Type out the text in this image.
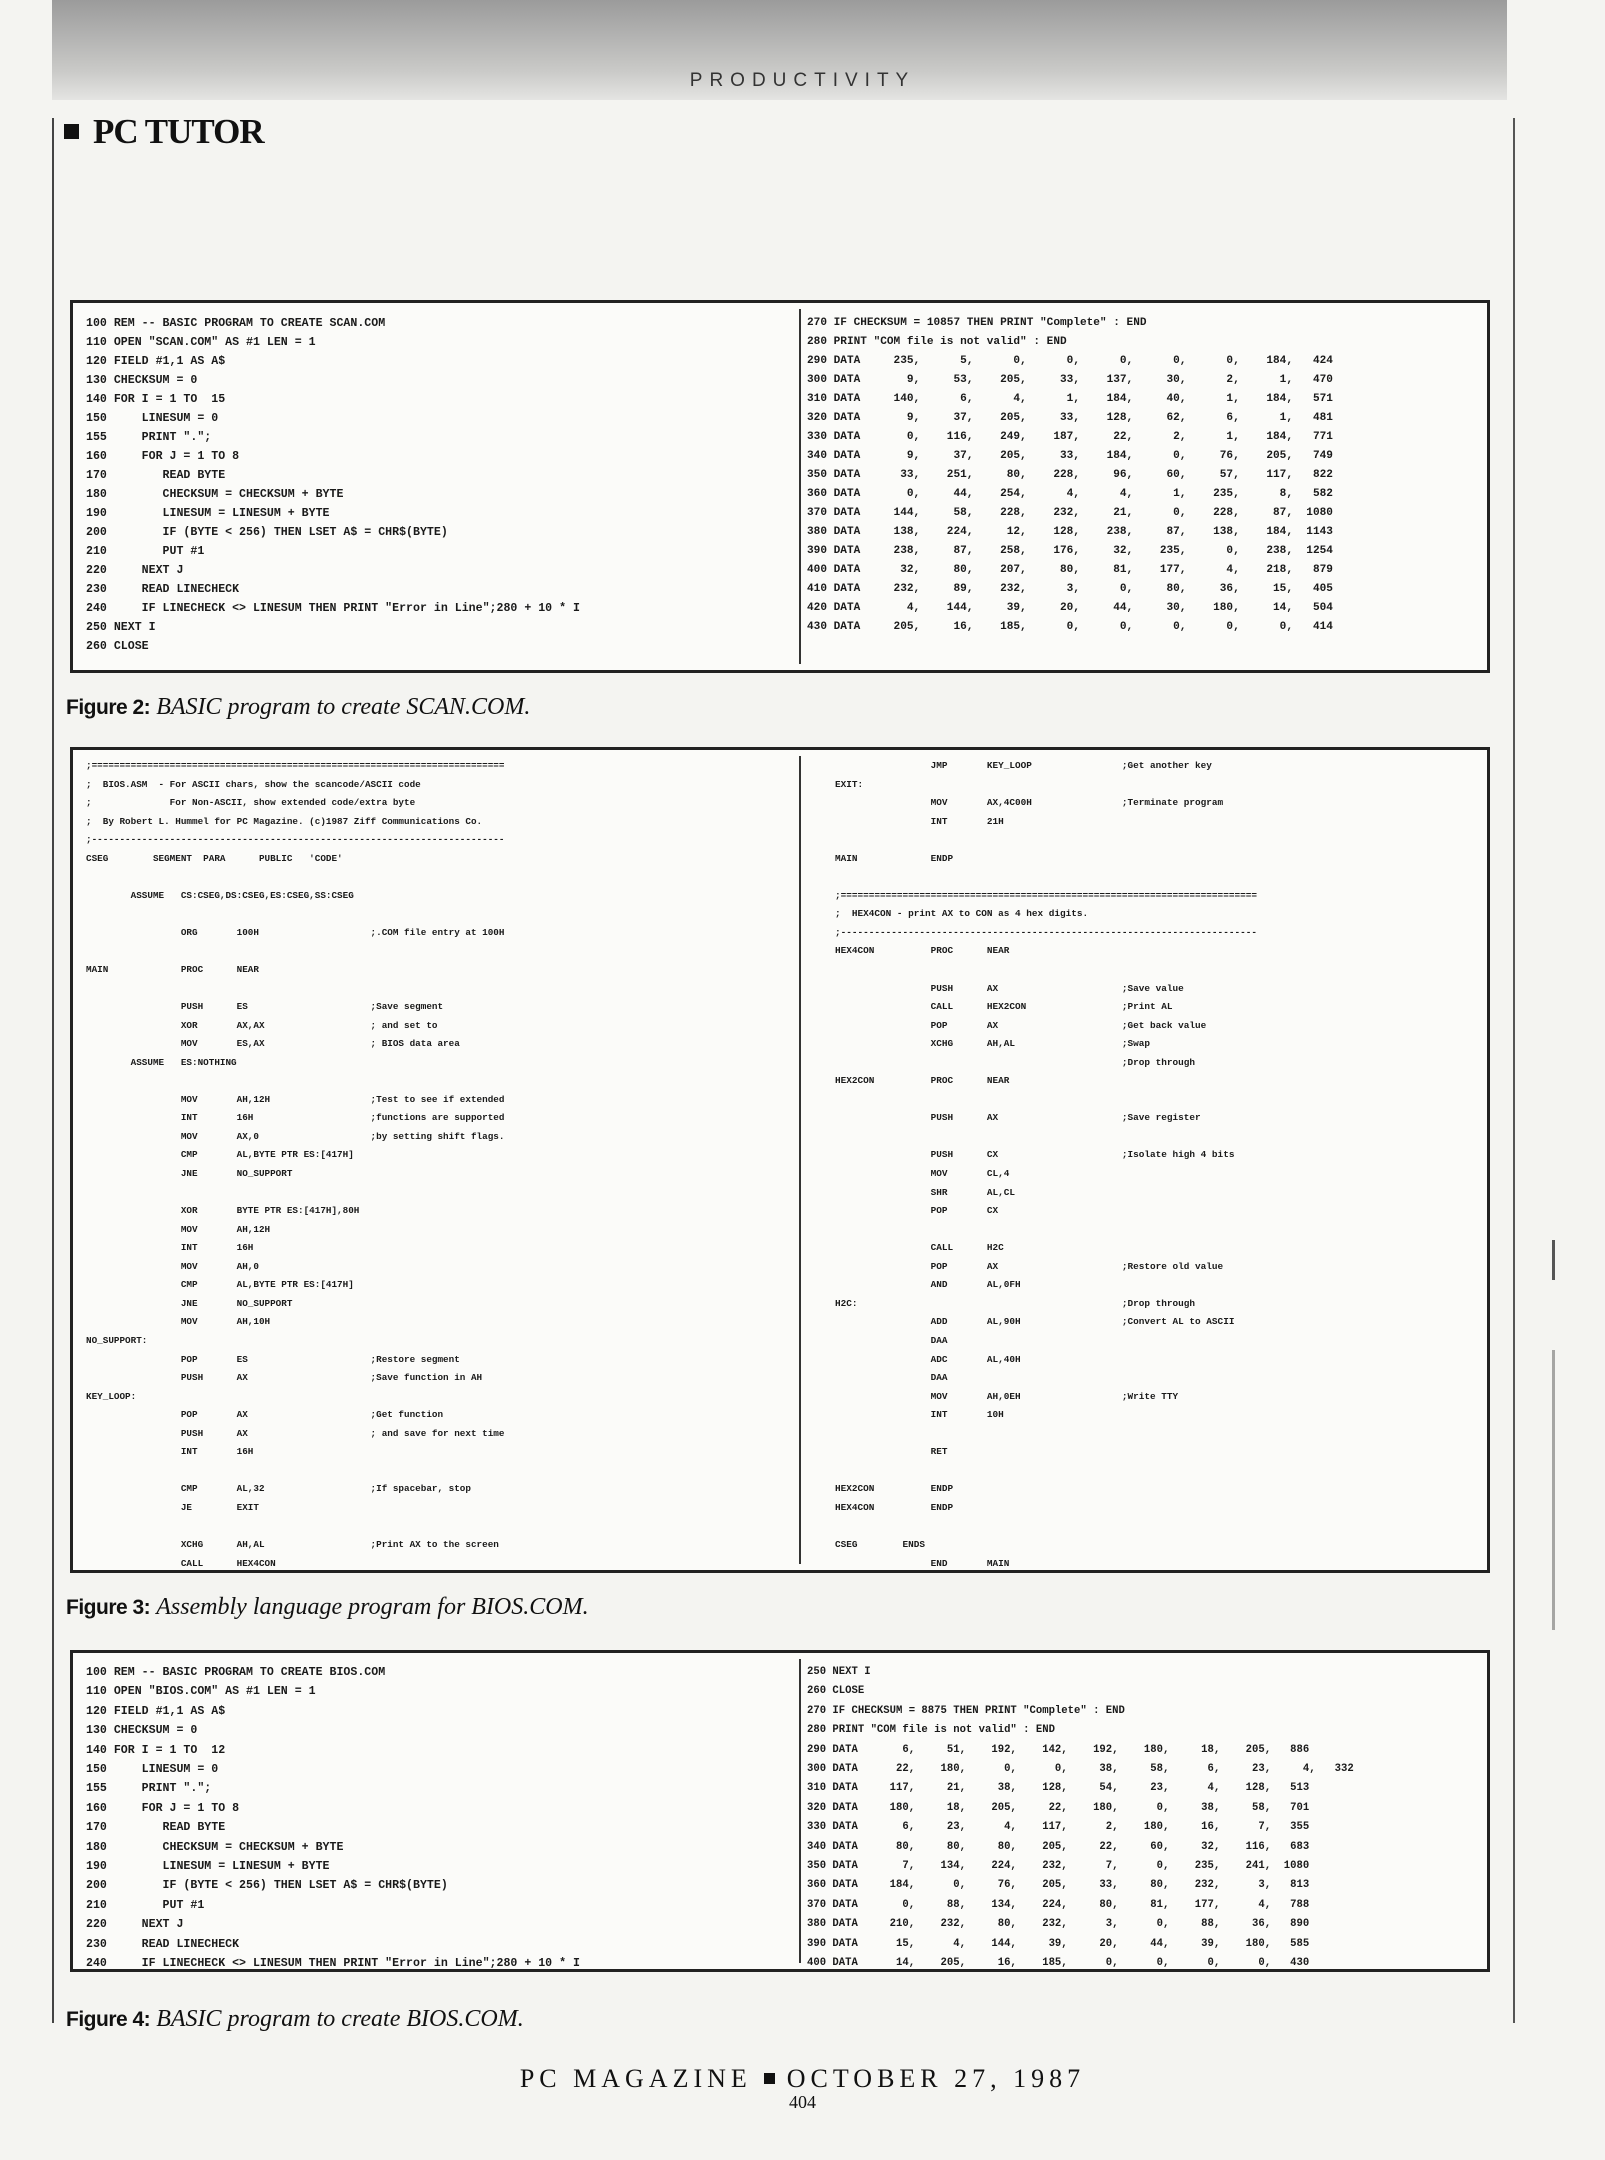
PRODUCTIVITY
PC TUTOR
100 REM -- BASIC PROGRAM TO CREATE SCAN.COM
110 OPEN "SCAN.COM" AS #1 LEN = 1
120 FIELD #1,1 AS A$
130 CHECKSUM = 0
140 FOR I = 1 TO  15
150     LINESUM = 0
155     PRINT ".";
160     FOR J = 1 TO 8
170        READ BYTE
180        CHECKSUM = CHECKSUM + BYTE
190        LINESUM = LINESUM + BYTE
200        IF (BYTE < 256) THEN LSET A$ = CHR$(BYTE)
210        PUT #1
220     NEXT J
230     READ LINECHECK
240     IF LINECHECK <> LINESUM THEN PRINT "Error in Line";280 + 10 * I
250 NEXT I
260 CLOSE
270 IF CHECKSUM = 10857 THEN PRINT "Complete" : END
280 PRINT "COM file is not valid" : END
290 DATA     235,      5,      0,      0,      0,      0,      0,    184,   424
300 DATA       9,     53,    205,     33,    137,     30,      2,      1,   470
310 DATA     140,      6,      4,      1,    184,     40,      1,    184,   571
320 DATA       9,     37,    205,     33,    128,     62,      6,      1,   481
330 DATA       0,    116,    249,    187,     22,      2,      1,    184,   771
340 DATA       9,     37,    205,     33,    184,      0,     76,    205,   749
350 DATA      33,    251,     80,    228,     96,     60,     57,    117,   822
360 DATA       0,     44,    254,      4,      4,      1,    235,      8,   582
370 DATA     144,     58,    228,    232,     21,      0,    228,     87,  1080
380 DATA     138,    224,     12,    128,    238,     87,    138,    184,  1143
390 DATA     238,     87,    258,    176,     32,    235,      0,    238,  1254
400 DATA      32,     80,    207,     80,     81,    177,      4,    218,   879
410 DATA     232,     89,    232,      3,      0,     80,     36,     15,   405
420 DATA       4,    144,     39,     20,     44,     30,    180,     14,   504
430 DATA     205,     16,    185,      0,      0,      0,      0,      0,   414
Figure 2: BASIC program to create SCAN.COM.
;==========================================================================
;  BIOS.ASM  - For ASCII chars, show the scancode/ASCII code
;              For Non-ASCII, show extended code/extra byte
;  By Robert L. Hummel for PC Magazine. (c)1987 Ziff Communications Co.
;--------------------------------------------------------------------------
CSEG        SEGMENT  PARA      PUBLIC   'CODE'

ASSUME   CS:CSEG,DS:CSEG,ES:CSEG,SS:CSEG

ORG       100H                    ;.COM file entry at 100H

MAIN             PROC      NEAR

PUSH      ES                      ;Save segment
XOR       AX,AX                   ; and set to
MOV       ES,AX                   ; BIOS data area
ASSUME   ES:NOTHING

MOV       AH,12H                  ;Test to see if extended
INT       16H                     ;functions are supported
MOV       AX,0                    ;by setting shift flags.
CMP       AL,BYTE PTR ES:[417H]
JNE       NO_SUPPORT

XOR       BYTE PTR ES:[417H],80H
MOV       AH,12H
INT       16H
MOV       AH,0
CMP       AL,BYTE PTR ES:[417H]
JNE       NO_SUPPORT
MOV       AH,10H
NO_SUPPORT:
POP       ES                      ;Restore segment
PUSH      AX                      ;Save function in AH
KEY_LOOP:
POP       AX                      ;Get function
PUSH      AX                      ; and save for next time
INT       16H

CMP       AL,32                   ;If spacebar, stop
JE        EXIT

XCHG      AH,AL                   ;Print AX to the screen
CALL      HEX4CON
JMP       KEY_LOOP                ;Get another key
EXIT:
MOV       AX,4C00H                ;Terminate program
INT       21H

MAIN             ENDP

;==========================================================================
;  HEX4CON - print AX to CON as 4 hex digits.
;--------------------------------------------------------------------------
HEX4CON          PROC      NEAR

PUSH      AX                      ;Save value
CALL      HEX2CON                 ;Print AL
POP       AX                      ;Get back value
XCHG      AH,AL                   ;Swap
;Drop through
HEX2CON          PROC      NEAR

PUSH      AX                      ;Save register

PUSH      CX                      ;Isolate high 4 bits
MOV       CL,4
SHR       AL,CL
POP       CX

CALL      H2C
POP       AX                      ;Restore old value
AND       AL,0FH
H2C:                                               ;Drop through
ADD       AL,90H                  ;Convert AL to ASCII
DAA
ADC       AL,40H
DAA
MOV       AH,0EH                  ;Write TTY
INT       10H

RET

HEX2CON          ENDP
HEX4CON          ENDP

CSEG        ENDS
END       MAIN
Figure 3: Assembly language program for BIOS.COM.
100 REM -- BASIC PROGRAM TO CREATE BIOS.COM
110 OPEN "BIOS.COM" AS #1 LEN = 1
120 FIELD #1,1 AS A$
130 CHECKSUM = 0
140 FOR I = 1 TO  12
150     LINESUM = 0
155     PRINT ".";
160     FOR J = 1 TO 8
170        READ BYTE
180        CHECKSUM = CHECKSUM + BYTE
190        LINESUM = LINESUM + BYTE
200        IF (BYTE < 256) THEN LSET A$ = CHR$(BYTE)
210        PUT #1
220     NEXT J
230     READ LINECHECK
240     IF LINECHECK <> LINESUM THEN PRINT "Error in Line";280 + 10 * I
250 NEXT I
260 CLOSE
270 IF CHECKSUM = 8875 THEN PRINT "Complete" : END
280 PRINT "COM file is not valid" : END
290 DATA       6,     51,    192,    142,    192,    180,     18,    205,   886
300 DATA      22,    180,      0,      0,     38,     58,      6,     23,     4,   332
310 DATA     117,     21,     38,    128,     54,     23,      4,    128,   513
320 DATA     180,     18,    205,     22,    180,      0,     38,     58,   701
330 DATA       6,     23,      4,    117,      2,    180,     16,      7,   355
340 DATA      80,     80,     80,    205,     22,     60,     32,    116,   683
350 DATA       7,    134,    224,    232,      7,      0,    235,    241,  1080
360 DATA     184,      0,     76,    205,     33,     80,    232,      3,   813
370 DATA       0,     88,    134,    224,     80,     81,    177,      4,   788
380 DATA     210,    232,     80,    232,      3,      0,     88,     36,   890
390 DATA      15,      4,    144,     39,     20,     44,     39,    180,   585
400 DATA      14,    205,     16,    185,      0,      0,      0,      0,   430
Figure 4: BASIC program to create BIOS.COM.
PC MAGAZINE OCTOBER 27, 1987
404
